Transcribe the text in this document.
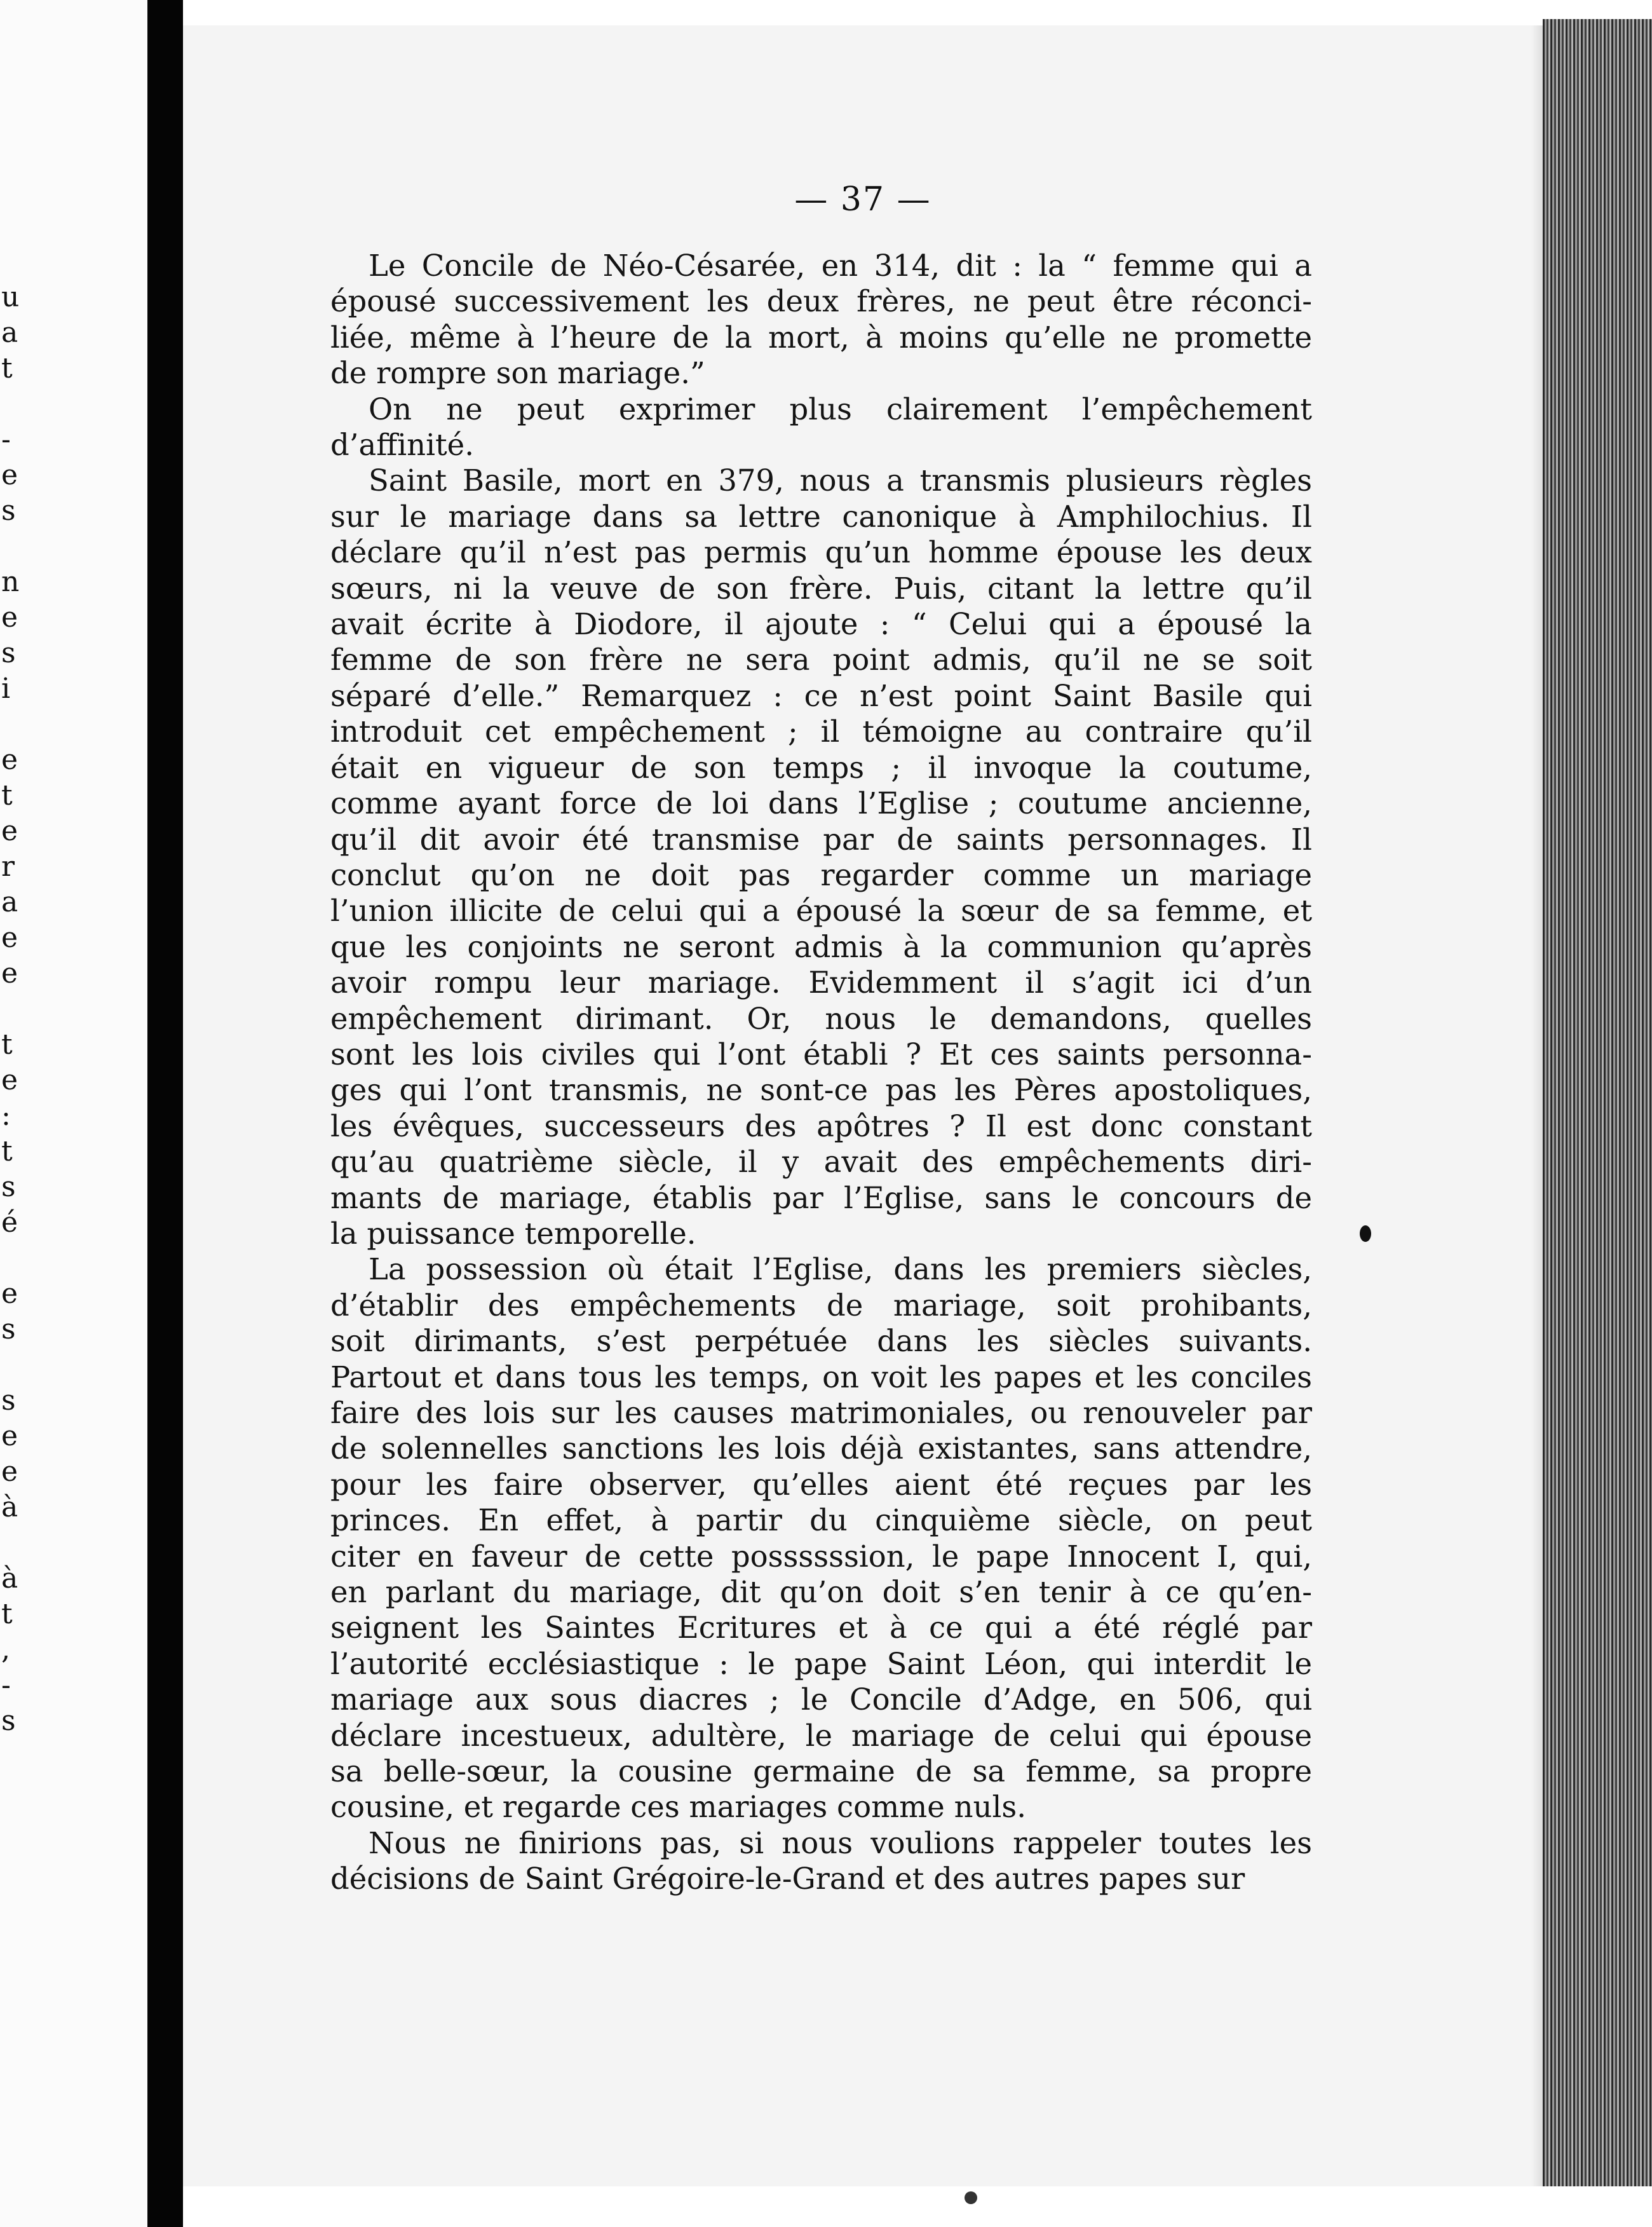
u
a
t
-
e
s
n
e
s
i
e
t
e
r
a
e
e
t
e
:
t
s
é
e
s
s
e
e
à
à
t
,
-
s
— 37 —

Le Concile de Néo-Césarée, en 314, dit : la “ femme qui a
épousé successivement les deux frères, ne peut être réconci-
liée, même à l’heure de la mort, à moins qu’elle ne promette
de rompre son mariage.”

On ne peut exprimer plus clairement l’empêchement
d’affinité.

Saint Basile, mort en 379, nous a transmis plusieurs règles
sur le mariage dans sa lettre canonique à Amphilochius. Il
déclare qu’il n’est pas permis qu’un homme épouse les deux
sœurs, ni la veuve de son frère. Puis, citant la lettre qu’il
avait écrite à Diodore, il ajoute : “ Celui qui a épousé la
femme de son frère ne sera point admis, qu’il ne se soit
séparé d’elle.” Remarquez : ce n’est point Saint Basile qui
introduit cet empêchement ; il témoigne au contraire qu’il
était en vigueur de son temps ; il invoque la coutume,
comme ayant force de loi dans l’Eglise ; coutume ancienne,
qu’il dit avoir été transmise par de saints personnages. Il
conclut qu’on ne doit pas regarder comme un mariage
l’union illicite de celui qui a épousé la sœur de sa femme, et
que les conjoints ne seront admis à la communion qu’après
avoir rompu leur mariage. Evidemment il s’agit ici d’un
empêchement dirimant. Or, nous le demandons, quelles
sont les lois civiles qui l’ont établi ? Et ces saints personna-
ges qui l’ont transmis, ne sont-ce pas les Pères apostoliques,
les évêques, successeurs des apôtres ? Il est donc constant
qu’au quatrième siècle, il y avait des empêchements diri-
mants de mariage, établis par l’Eglise, sans le concours de
la puissance temporelle.

La possession où était l’Eglise, dans les premiers siècles,
d’établir des empêchements de mariage, soit prohibants,
soit dirimants, s’est perpétuée dans les siècles suivants.
Partout et dans tous les temps, on voit les papes et les conciles
faire des lois sur les causes matrimoniales, ou renouveler par
de solennelles sanctions les lois déjà existantes, sans attendre,
pour les faire observer, qu’elles aient été reçues par les
princes. En effet, à partir du cinquième siècle, on peut
citer en faveur de cette possssssion, le pape Innocent I, qui,
en parlant du mariage, dit qu’on doit s’en tenir à ce qu’en-
seignent les Saintes Ecritures et à ce qui a été réglé par
l’autorité ecclésiastique : le pape Saint Léon, qui interdit le
mariage aux sous diacres ; le Concile d’Adge, en 506, qui
déclare incestueux, adultère, le mariage de celui qui épouse
sa belle-sœur, la cousine germaine de sa femme, sa propre
cousine, et regarde ces mariages comme nuls.

Nous ne finirions pas, si nous voulions rappeler toutes les
décisions de Saint Grégoire-le-Grand et des autres papes sur
